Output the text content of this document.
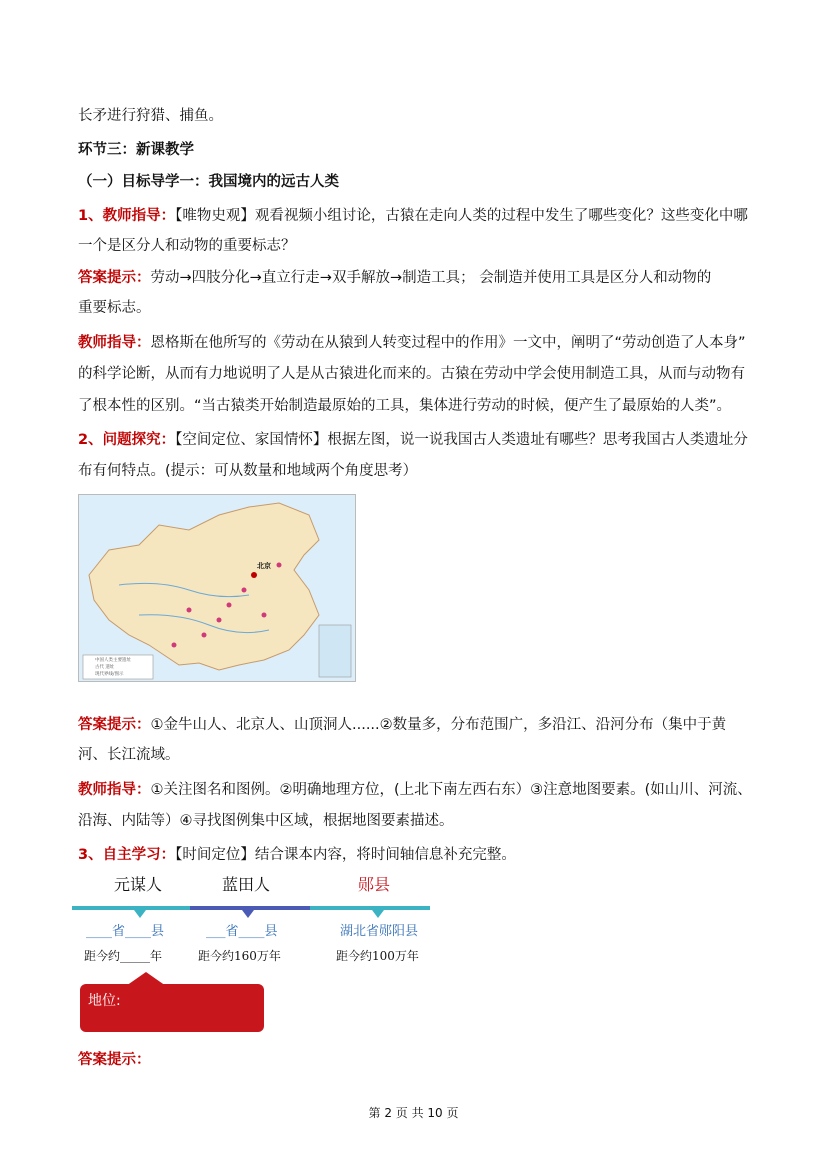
长矛进行狩猎、捕鱼。
环节三：新课教学
（一）目标导学一：我国境内的远古人类
1、教师指导：【唯物史观】观看视频小组讨论，古猿在走向人类的过程中发生了哪些变化？这些变化中哪
一个是区分人和动物的重要标志？
答案提示：劳动→四肢分化→直立行走→双手解放→制造工具； 会制造并使用工具是区分人和动物的
重要标志。
教师指导：恩格斯在他所写的《劳动在从猿到人转变过程中的作用》一文中，阐明了“劳动创造了人本身”
的科学论断，从而有力地说明了人是从古猿进化而来的。古猿在劳动中学会使用制造工具，从而与动物有
了根本性的区别。“当古猿类开始制造最原始的工具，集体进行劳动的时候，便产生了最原始的人类”。
2、问题探究：【空间定位、家国情怀】根据左图，说一说我国古人类遗址有哪些？思考我国古人类遗址分
布有何特点。(提示：可从数量和地域两个角度思考）
北京
中国人类主要遗址
古代 遗址
现代界线/图示
答案提示：①金牛山人、北京人、山顶洞人......②数量多，分布范围广，多沿江、沿河分布（集中于黄
河、长江流域。
教师指导：①关注图名和图例。②明确地理方位，(上北下南左西右东）③注意地图要素。(如山川、河流、
沿海、内陆等）④寻找图例集中区域，根据地图要素描述。
3、自主学习：【时间定位】结合课本内容，将时间轴信息补充完整。
元谋人	蓝田人	郧县
____省____县	___省____县	湖北省郧阳县
距今约_____年	距今约160万年	距今约100万年
地位:
答案提示：
第 2 页 共 10 页
